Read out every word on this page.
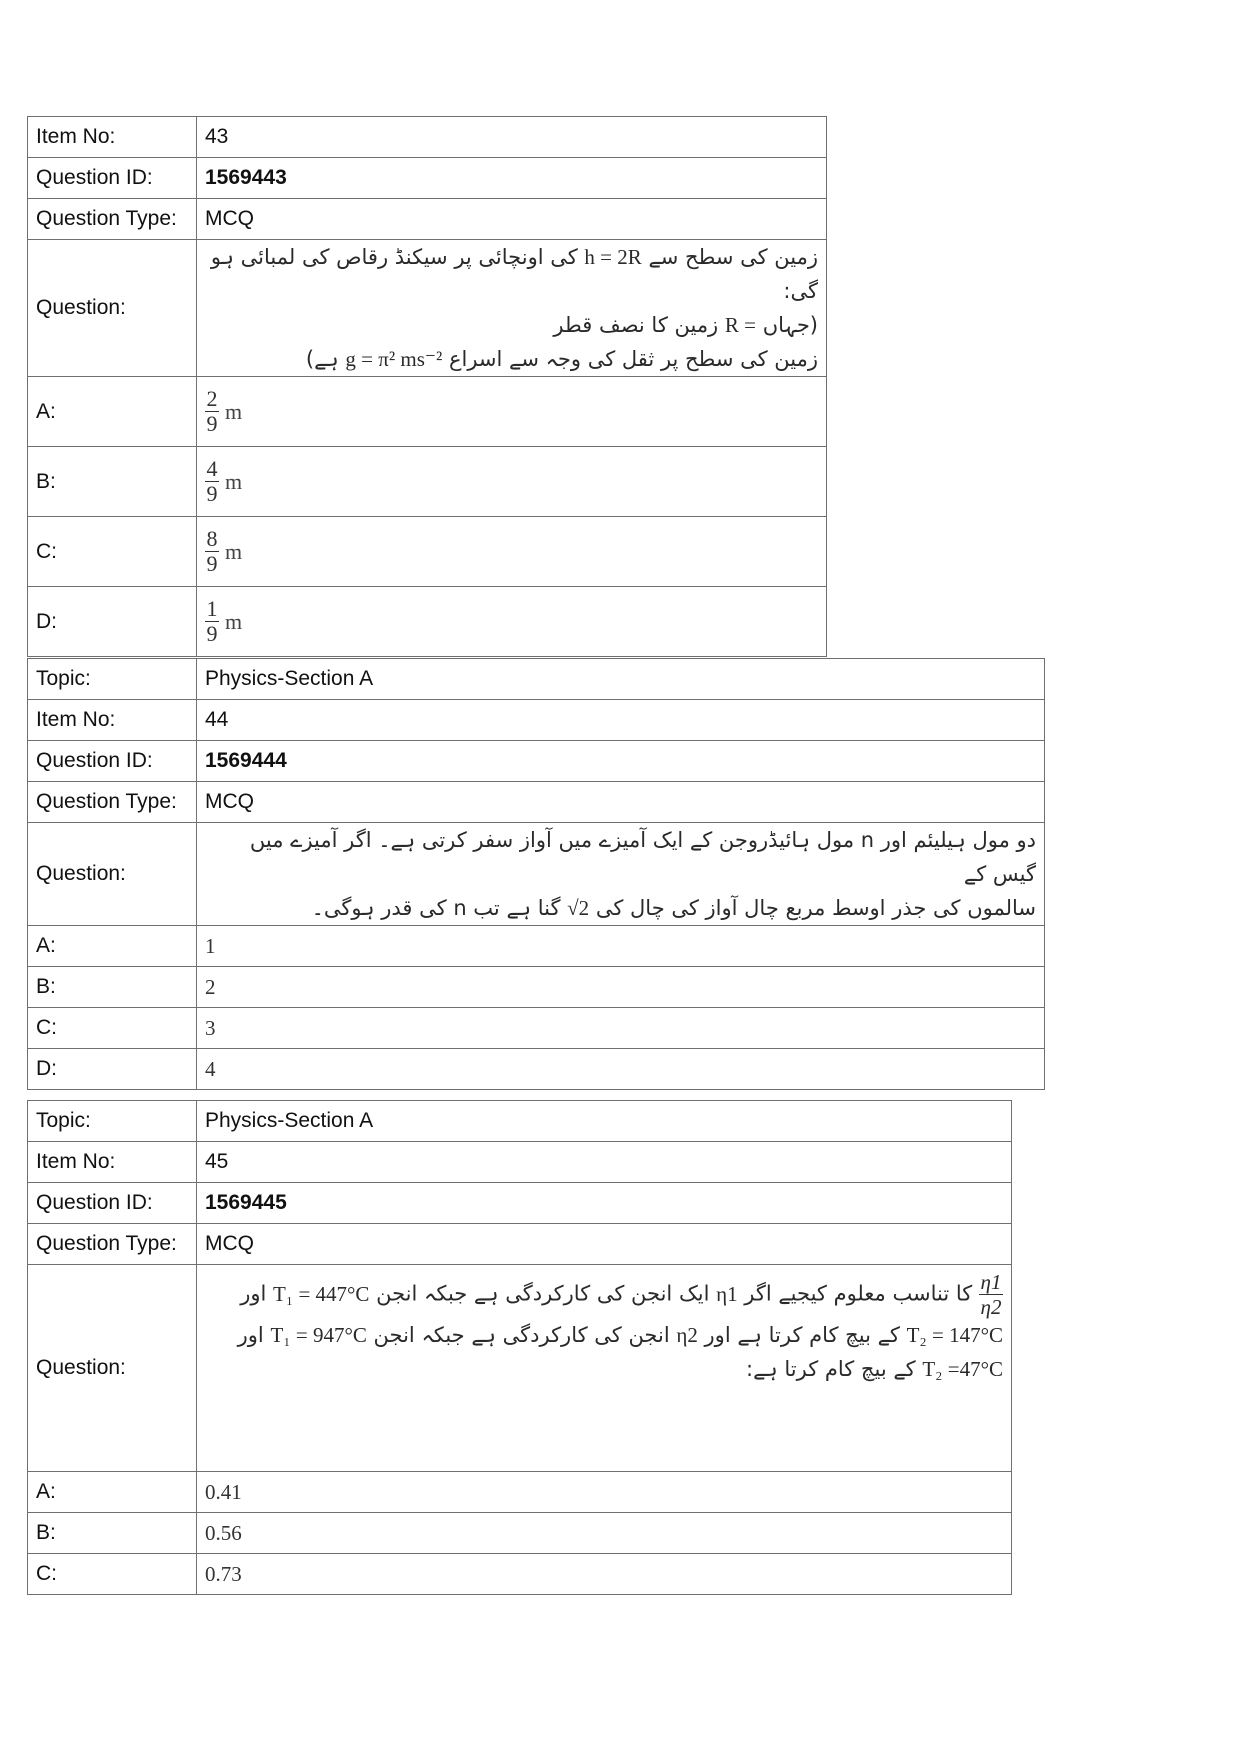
Item No:	43
Question ID:	1569443
Question Type:	MCQ
Question:	زمین کی سطح سے h = 2R کی اونچائی پر سیکنڈ رقاص کی لمبائی ہو گی:
(جہاں R = زمین کا نصف قطر
زمین کی سطح پر ثقل کی وجہ سے اسراع g = π² ms⁻² ہے)

A:	$\frac{2}{9}$ m
B:	$\frac{4}{9}$ m
C:	$\frac{8}{9}$ m
D:	$\frac{1}{9}$ m
Topic:	Physics-Section A
Item No:	44
Question ID:	1569444
Question Type:	MCQ
Question:	دو مول ہیلیئم اور n مول ہائیڈروجن کے ایک آمیزے میں آواز سفر کرتی ہے۔ اگر آمیزے میں گیس کے
سالموں کی جذر اوسط مربع چال آواز کی چال کی √2 گنا ہے تب n کی قدر ہوگی۔

A:	1
B:	2
C:	3
D:	4
Topic:	Physics-Section A
Item No:	45
Question ID:	1569445
Question Type:	MCQ
Question:	$\frac{\eta 1}{\eta 2}$
کا تناسب معلوم کیجیے اگر η1 ایک انجن کی کارکردگی ہے جبکہ انجن T₁ = 447°C اور
T₂ = 147°C کے بیچ کام کرتا ہے اور η2 انجن کی کارکردگی ہے جبکہ انجن T₁ = 947°C اور
T₂ =47°C کے بیچ کام کرتا ہے:

A:	0.41
B:	0.56
C:	0.73
